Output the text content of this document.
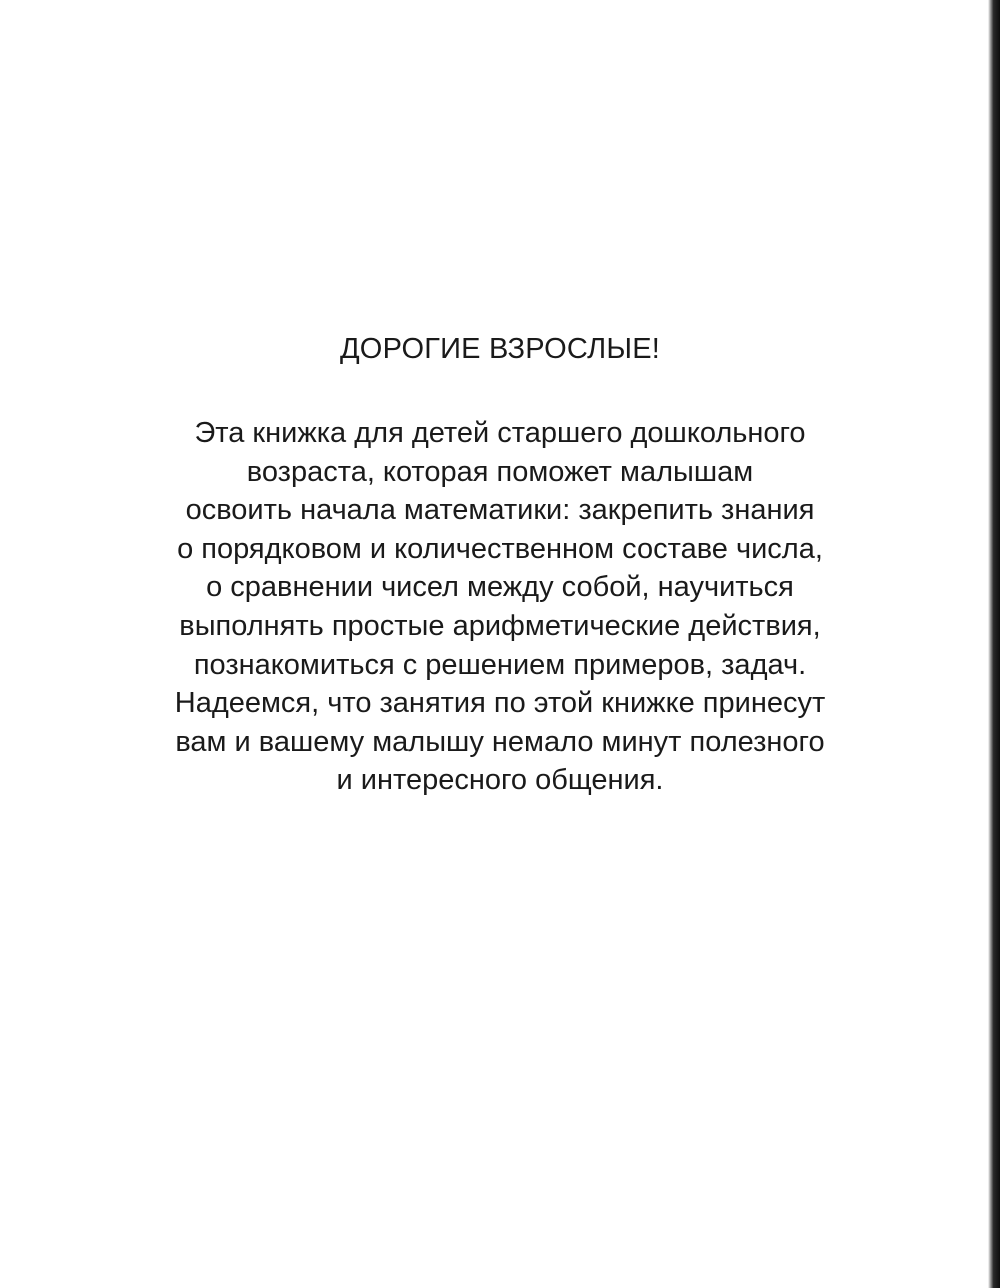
ДОРОГИЕ ВЗРОСЛЫЕ!

Эта книжка для детей старшего дошкольного
возраста, которая поможет малышам
освоить начала математики: закрепить знания
о порядковом и количественном составе числа,
о сравнении чисел между собой, научиться
выполнять простые арифметические действия,
познакомиться с решением примеров, задач.
Надеемся, что занятия по этой книжке принесут
вам и вашему малышу немало минут полезного
и интересного общения.
